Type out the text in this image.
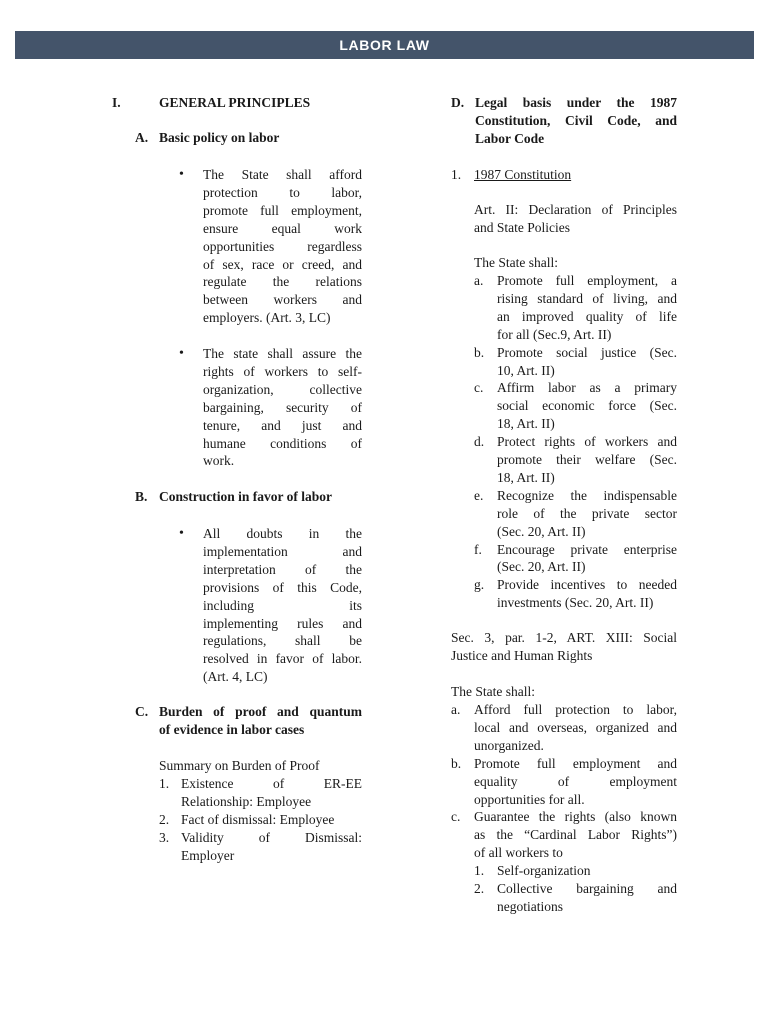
LABOR LAW
I.	GENERAL PRINCIPLES
A. Basic policy on labor
• The State shall afford
protection to labor,
promote full employment,
ensure equal work
opportunities regardless
of sex, race or creed, and
regulate the relations
between workers and
employers. (Art. 3, LC)
• The state shall assure the
rights of workers to self-
organization, collective
bargaining, security of
tenure, and just and
humane conditions of
work.
B. Construction in favor of labor
• All doubts in the
implementation and
interpretation of the
provisions of this Code,
including its
implementing rules and
regulations, shall be
resolved in favor of labor.
(Art. 4, LC)
C. Burden of proof and quantum
of evidence in labor cases
Summary on Burden of Proof
1. Existence of ER-EE
Relationship: Employee
2. Fact of dismissal: Employee
3. Validity of Dismissal:
Employer
D. Legal basis under the 1987
Constitution, Civil Code, and
Labor Code
1. 1987 Constitution
Art. II: Declaration of Principles
and State Policies
The State shall:
a. Promote full employment, a
rising standard of living, and
an improved quality of life
for all (Sec.9, Art. II)
b. Promote social justice (Sec.
10, Art. II)
c. Affirm labor as a primary
social economic force (Sec.
18, Art. II)
d. Protect rights of workers and
promote their welfare (Sec.
18, Art. II)
e. Recognize the indispensable
role of the private sector
(Sec. 20, Art. II)
f. Encourage private enterprise
(Sec. 20, Art. II)
g. Provide incentives to needed
investments (Sec. 20, Art. II)
Sec. 3, par. 1-2, ART. XIII: Social
Justice and Human Rights
The State shall:
a. Afford full protection to labor,
local and overseas, organized and
unorganized.
b. Promote full employment and
equality of employment
opportunities for all.
c. Guarantee the rights (also known
as the “Cardinal Labor Rights”)
of all workers to
1. Self-organization
2. Collective bargaining and
negotiations
